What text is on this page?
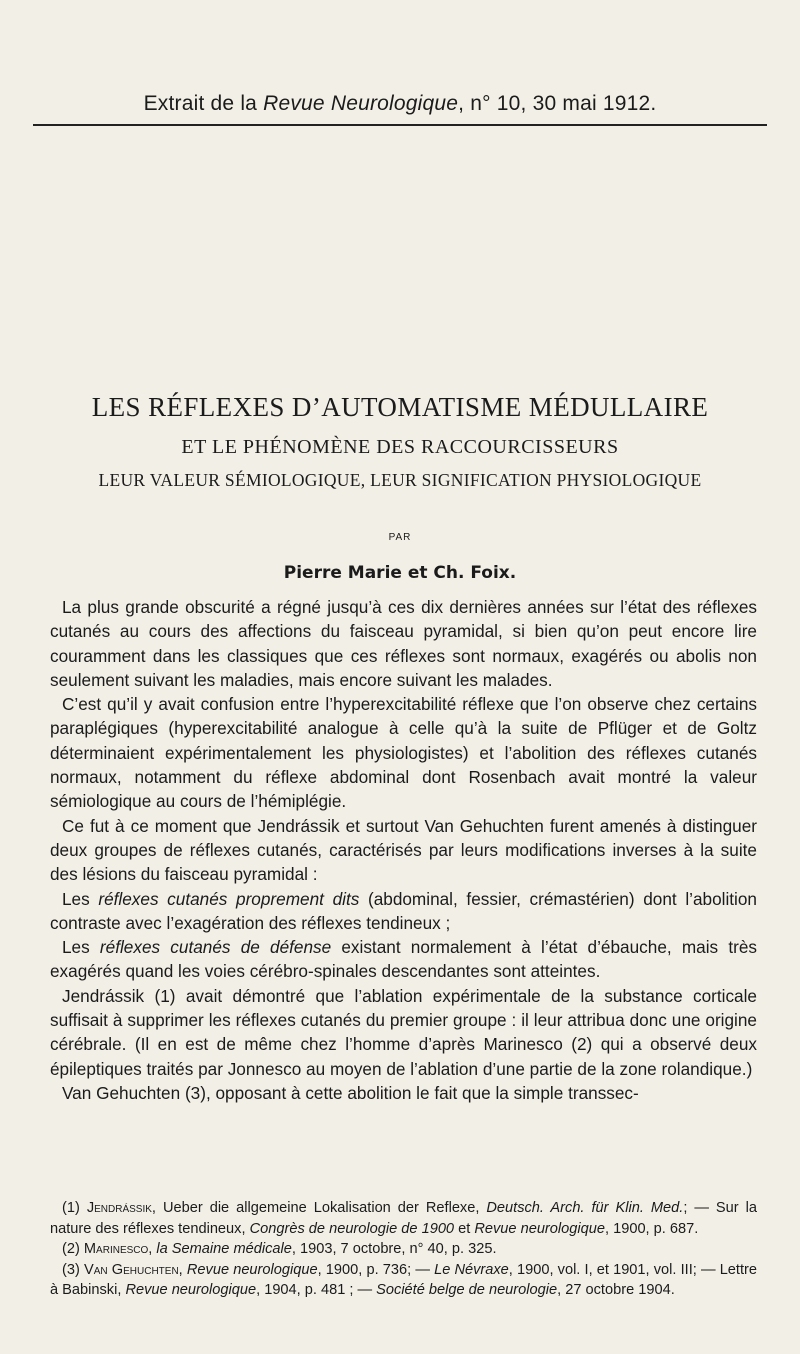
Extrait de la Revue Neurologique, n° 10, 30 mai 1912.
LES RÉFLEXES D’AUTOMATISME MÉDULLAIRE
ET LE PHÉNOMÈNE DES RACCOURCISSEURS
LEUR VALEUR SÉMIOLOGIQUE, LEUR SIGNIFICATION PHYSIOLOGIQUE
PAR
Pierre Marie et Ch. Foix.

La plus grande obscurité a régné jusqu’à ces dix dernières années sur l’état des réflexes cutanés au cours des affections du faisceau pyramidal, si bien qu’on peut encore lire couramment dans les classiques que ces réflexes sont normaux, exagérés ou abolis non seulement suivant les maladies, mais encore suivant les malades.

C’est qu’il y avait confusion entre l’hyperexcitabilité réflexe que l’on observe chez certains paraplégiques (hyperexcitabilité analogue à celle qu’à la suite de Pflüger et de Goltz déterminaient expérimentalement les physiologistes) et l’abolition des réflexes cutanés normaux, notamment du réflexe abdominal dont Rosenbach avait montré la valeur sémiologique au cours de l’hémiplégie.

Ce fut à ce moment que Jendrássik et surtout Van Gehuchten furent amenés à distinguer deux groupes de réflexes cutanés, caractérisés par leurs modifications inverses à la suite des lésions du faisceau pyramidal :

Les réflexes cutanés proprement dits (abdominal, fessier, crémastérien) dont l’abolition contraste avec l’exagération des réflexes tendineux ;

Les réflexes cutanés de défense existant normalement à l’état d’ébauche, mais très exagérés quand les voies cérébro-spinales descendantes sont atteintes.

Jendrássik (1) avait démontré que l’ablation expérimentale de la substance corticale suffisait à supprimer les réflexes cutanés du premier groupe : il leur attribua donc une origine cérébrale. (Il en est de même chez l’homme d’après Marinesco (2) qui a observé deux épileptiques traités par Jonnesco au moyen de l’ablation d’une partie de la zone rolandique.)

Van Gehuchten (3), opposant à cette abolition le fait que la simple transsec-

(1) Jendrássik, Ueber die allgemeine Lokalisation der Reflexe, Deutsch. Arch. für Klin. Med.; — Sur la nature des réflexes tendineux, Congrès de neurologie de 1900 et Revue neurologique, 1900, p. 687.

(2) Marinesco, la Semaine médicale, 1903, 7 octobre, n° 40, p. 325.

(3) Van Gehuchten, Revue neurologique, 1900, p. 736; — Le Névraxe, 1900, vol. I, et 1901, vol. III; — Lettre à Babinski, Revue neurologique, 1904, p. 481 ; — Société belge de neurologie, 27 octobre 1904.
